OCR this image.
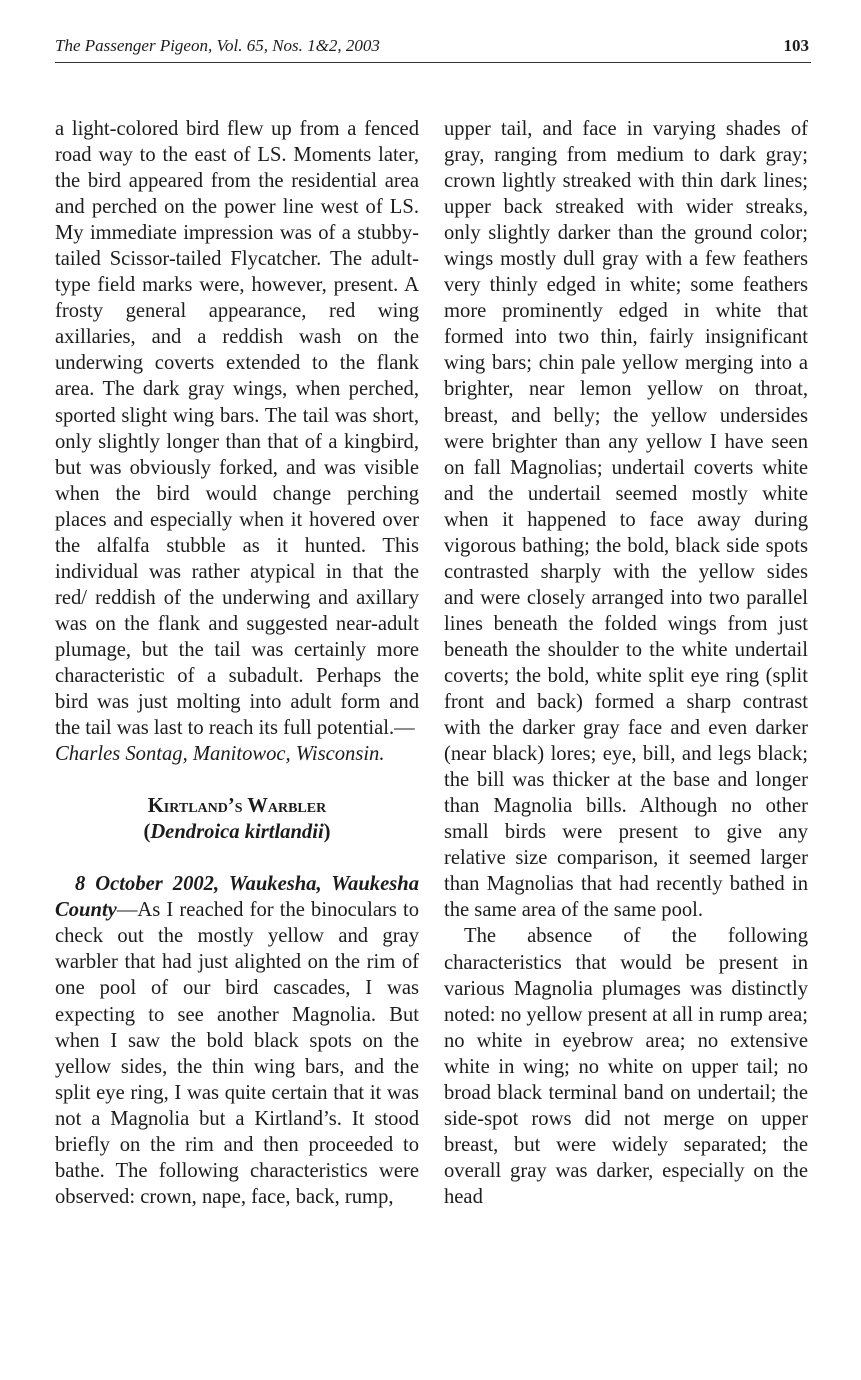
The Passenger Pigeon, Vol. 65, Nos. 1&2, 2003	103

a light-colored bird flew up from a fenced road way to the east of LS. Moments later, the bird appeared from the residential area and perched on the power line west of LS. My immediate impression was of a stubby-tailed Scissor-tailed Flycatcher. The adult-type field marks were, however, present. A frosty general appearance, red wing axillaries, and a reddish wash on the underwing coverts extended to the flank area. The dark gray wings, when perched, sported slight wing bars. The tail was short, only slightly longer than that of a kingbird, but was obviously forked, and was visible when the bird would change perching places and especially when it hovered over the alfalfa stubble as it hunted. This individual was rather atypical in that the red/ reddish of the underwing and axillary was on the flank and suggested near-adult plumage, but the tail was certainly more characteristic of a subadult. Perhaps the bird was just molting into adult form and the tail was last to reach its full potential.—
Charles Sontag, Manitowoc, Wisconsin.

Kirtland’s Warbler

(Dendroica kirtlandii)

8 October 2002, Waukesha, Waukesha County—As I reached for the binoculars to check out the mostly yellow and gray warbler that had just alighted on the rim of one pool of our bird cascades, I was expecting to see another Magnolia. But when I saw the bold black spots on the yellow sides, the thin wing bars, and the split eye ring, I was quite certain that it was not a Magnolia but a Kirtland’s. It stood briefly on the rim and then proceeded to bathe. The following characteristics were observed: crown, nape, face, back, rump,

upper tail, and face in varying shades of gray, ranging from medium to dark gray; crown lightly streaked with thin dark lines; upper back streaked with wider streaks, only slightly darker than the ground color; wings mostly dull gray with a few feathers very thinly edged in white; some feathers more prominently edged in white that formed into two thin, fairly insignificant wing bars; chin pale yellow merging into a brighter, near lemon yellow on throat, breast, and belly; the yellow undersides were brighter than any yellow I have seen on fall Magnolias; undertail coverts white and the undertail seemed mostly white when it happened to face away during vigorous bathing; the bold, black side spots contrasted sharply with the yellow sides and were closely arranged into two parallel lines beneath the folded wings from just beneath the shoulder to the white undertail coverts; the bold, white split eye ring (split front and back) formed a sharp contrast with the darker gray face and even darker (near black) lores; eye, bill, and legs black; the bill was thicker at the base and longer than Magnolia bills. Although no other small birds were present to give any relative size comparison, it seemed larger than Magnolias that had recently bathed in the same area of the same pool.

The absence of the following characteristics that would be present in various Magnolia plumages was distinctly noted: no yellow present at all in rump area; no white in eyebrow area; no extensive white in wing; no white on upper tail; no broad black terminal band on undertail; the side-spot rows did not merge on upper breast, but were widely separated; the overall gray was darker, especially on the head
